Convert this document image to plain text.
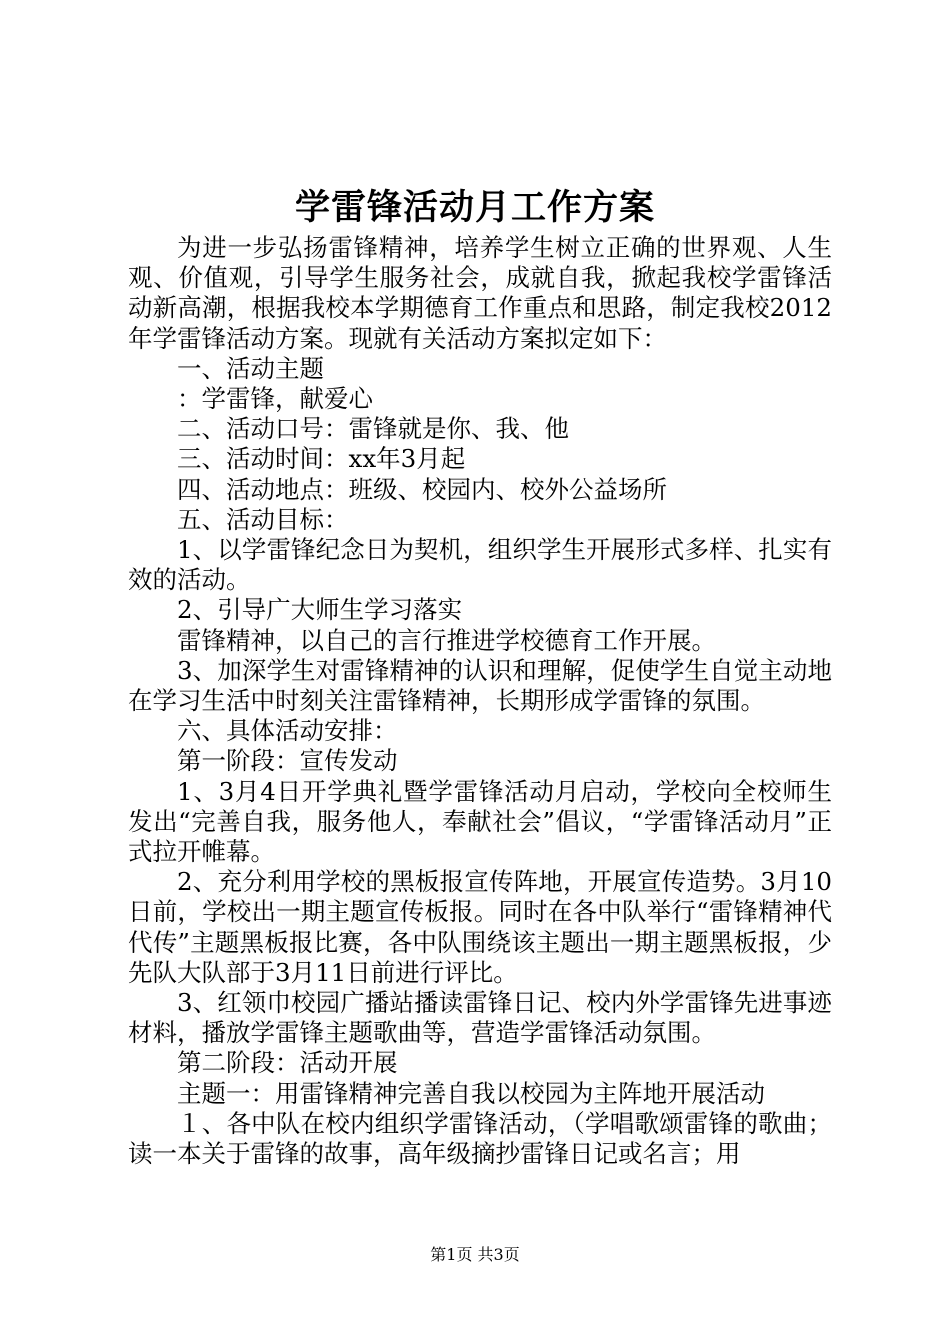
学雷锋活动月工作方案

为进一步弘扬雷锋精神，培养学生树立正确的世界观、人生观、价值观，引导学生服务社会，成就自我，掀起我校学雷锋活动新高潮，根据我校本学期德育工作重点和思路，制定我校2012年学雷锋活动方案。现就有关活动方案拟定如下：

一、活动主题

：学雷锋，献爱心

二、活动口号：雷锋就是你、我、他

三、活动时间：xx年3月起

四、活动地点：班级、校园内、校外公益场所

五、活动目标：

1、以学雷锋纪念日为契机，组织学生开展形式多样、扎实有效的活动。

2、引导广大师生学习落实

雷锋精神，以自己的言行推进学校德育工作开展。

3、加深学生对雷锋精神的认识和理解，促使学生自觉主动地在学习生活中时刻关注雷锋精神，长期形成学雷锋的氛围。

六、具体活动安排：

第一阶段：宣传发动

1、3月4日开学典礼暨学雷锋活动月启动，学校向全校师生发出“完善自我，服务他人，奉献社会”倡议，“学雷锋活动月”正式拉开帷幕。

2、充分利用学校的黑板报宣传阵地，开展宣传造势。3月10日前，学校出一期主题宣传板报。同时在各中队举行“雷锋精神代代传”主题黑板报比赛，各中队围绕该主题出一期主题黑板报，少先队大队部于3月11日前进行评比。

3、红领巾校园广播站播读雷锋日记、校内外学雷锋先进事迹材料，播放学雷锋主题歌曲等，营造学雷锋活动氛围。

第二阶段：活动开展

主题一：用雷锋精神完善自我以校园为主阵地开展活动

１、各中队在校内组织学雷锋活动，（学唱歌颂雷锋的歌曲；读一本关于雷锋的故事，高年级摘抄雷锋日记或名言；用

第1页 共3页
